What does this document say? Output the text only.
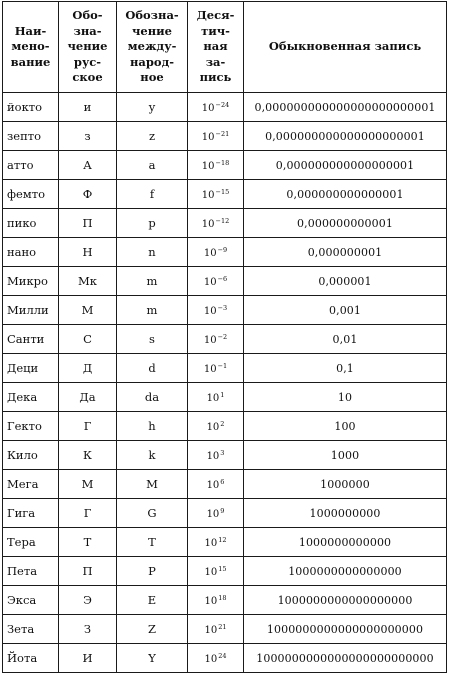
Наи-
мено-
вание	Обо-
зна-
чение
рус-
ское	Обозна-
чение
между-
народ-
ное	Деся-
тич-
ная
за-
пись	Обыкновенная запись

йокто	и	y	$10^{-24}$	0,000000000000000000000001
зепто	з	z	$10^{-21}$	0,000000000000000000001
атто	А	a	$10^{-18}$	0,000000000000000001
фемто	Ф	f	$10^{-15}$	0,000000000000001
пико	П	p	$10^{-12}$	0,000000000001
нано	Н	n	$10^{-9}$	0,000000001
Микро	Мк	m	$10^{-6}$	0,000001
Милли	М	m	$10^{-3}$	0,001
Санти	С	s	$10^{-2}$	0,01
Деци	Д	d	$10^{-1}$	0,1
Дека	Да	da	$10^1$	10
Гекто	Г	h	$10^2$	100
Кило	К	k	$10^3$	1000
Мега	М	M	$10^6$	1000000
Гига	Г	G	$10^9$	1000000000
Тера	Т	T	$10^{12}$	1000000000000
Пета	П	P	$10^{15}$	1000000000000000
Экса	Э	E	$10^{18}$	1000000000000000000
Зета	З	Z	$10^{21}$	1000000000000000000000
Йота	И	Y	$10^{24}$	1000000000000000000000000
